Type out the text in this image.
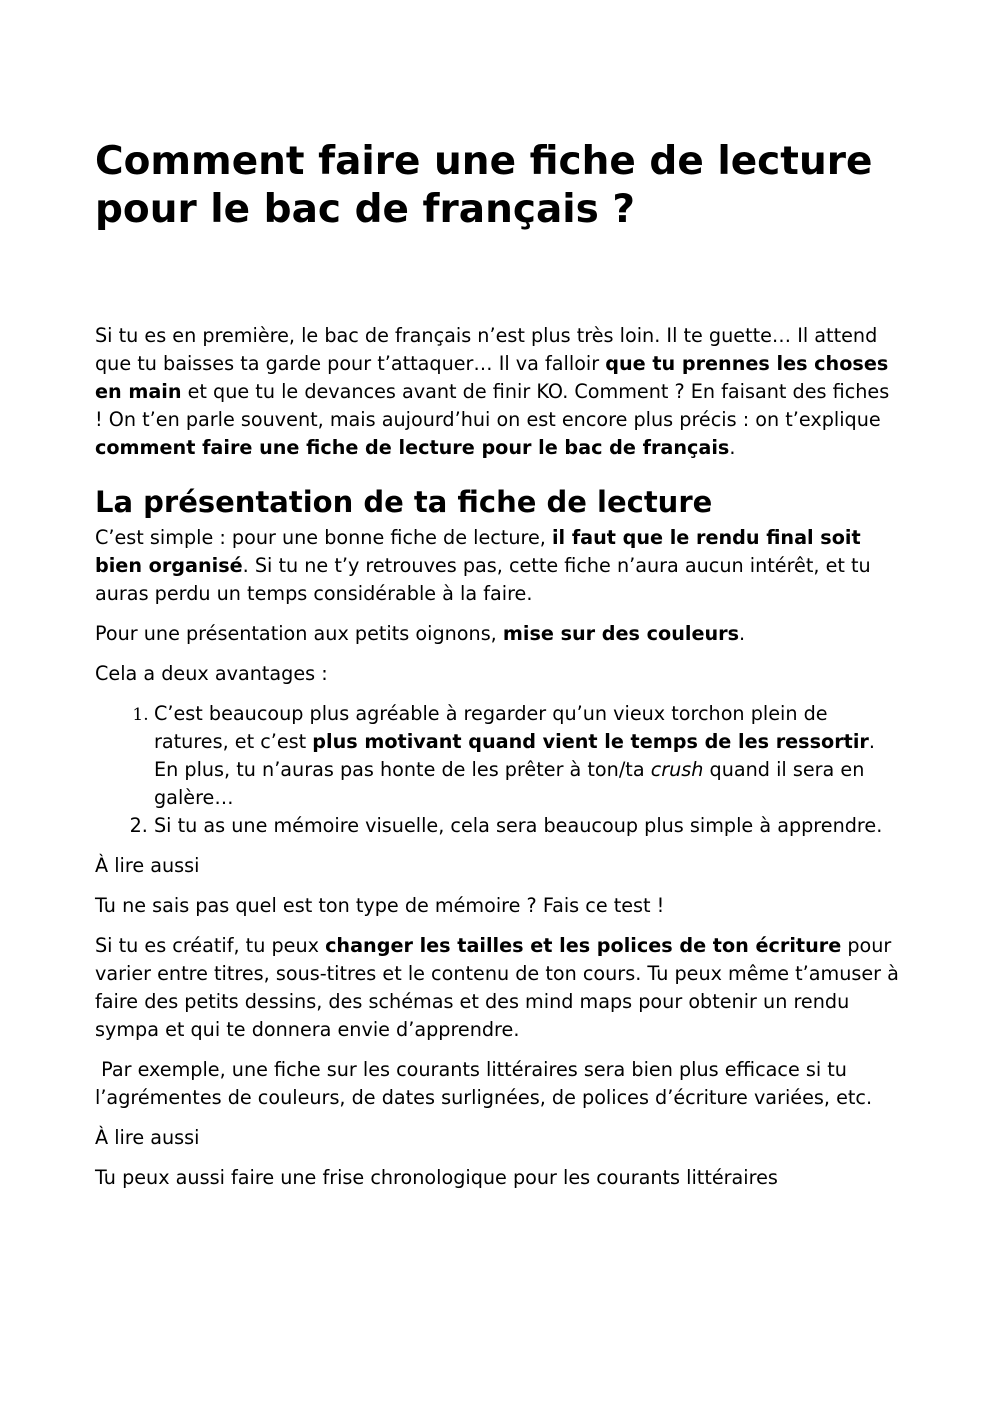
Comment faire une fiche de lecture pour le bac de français ?

Si tu es en première, le bac de français n’est plus très loin. Il te guette… Il attend que tu baisses ta garde pour t’attaquer… Il va falloir que tu prennes les choses en main et que tu le devances avant de finir KO. Comment ? En faisant des fiches ! On t’en parle souvent, mais aujourd’hui on est encore plus précis : on t’explique comment faire une fiche de lecture pour le bac de français.

La présentation de ta fiche de lecture

C’est simple : pour une bonne fiche de lecture, il faut que le rendu final soit bien organisé. Si tu ne t’y retrouves pas, cette fiche n’aura aucun intérêt, et tu auras perdu un temps considérable à la faire.

Pour une présentation aux petits oignons, mise sur des couleurs.

Cela a deux avantages :

1. C’est beaucoup plus agréable à regarder qu’un vieux torchon plein de ratures, et c’est plus motivant quand vient le temps de les ressortir. En plus, tu n’auras pas honte de les prêter à ton/ta crush quand il sera en galère…
2. Si tu as une mémoire visuelle, cela sera beaucoup plus simple à apprendre.

À lire aussi

Tu ne sais pas quel est ton type de mémoire ? Fais ce test !

Si tu es créatif, tu peux changer les tailles et les polices de ton écriture pour varier entre titres, sous-titres et le contenu de ton cours. Tu peux même t’amuser à faire des petits dessins, des schémas et des mind maps pour obtenir un rendu sympa et qui te donnera envie d’apprendre.

Par exemple, une fiche sur les courants littéraires sera bien plus efficace si tu l’agrémentes de couleurs, de dates surlignées, de polices d’écriture variées, etc.

À lire aussi

Tu peux aussi faire une frise chronologique pour les courants littéraires
